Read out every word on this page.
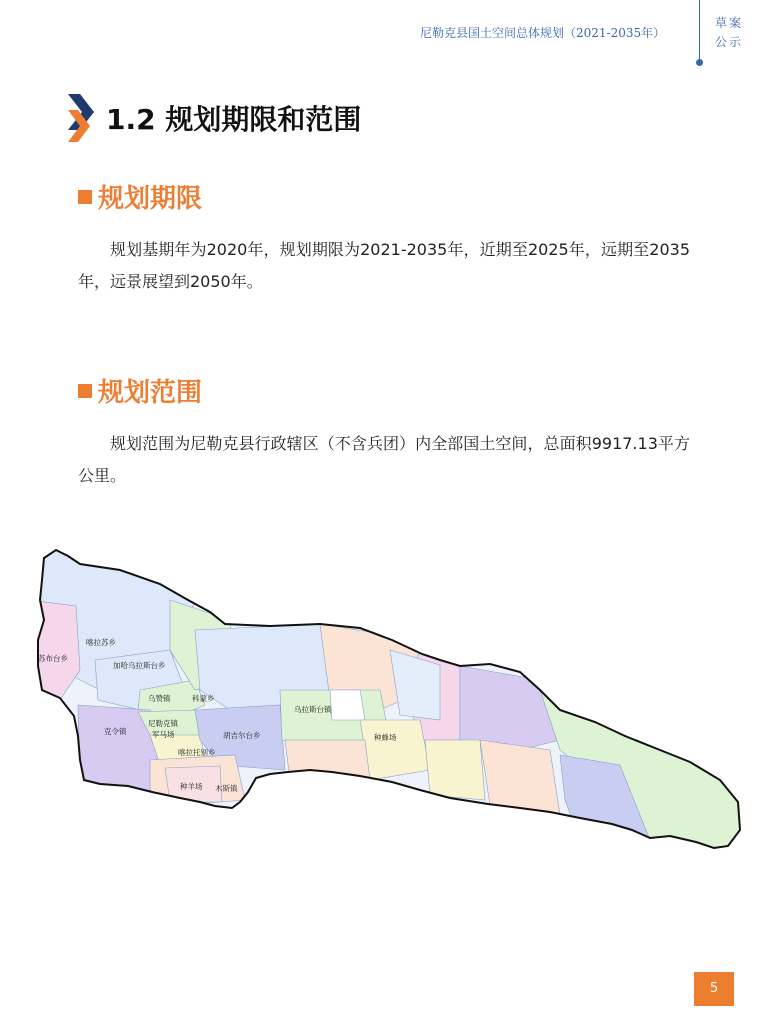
尼勒克县国土空间总体规划（2021-2035年）
草案
公示
1.2 规划期限和范围
规划期限
规划基期年为2020年，规划期限为2021-2035年，近期至2025年，远期至2035年，远景展望到2050年。
规划范围
规划范围为尼勒克县行政辖区（不含兵团）内全部国土空间，总面积9917.13平方公里。
喀拉苏乡
苏布台乡
加哈乌拉斯台乡
乌赞镇	科蒙乡
乌拉斯台镇
尼勒克镇
克令镇	军马场	胡吉尔台乡	种蜂场
喀拉托别乡
种羊场 木斯镇
5
